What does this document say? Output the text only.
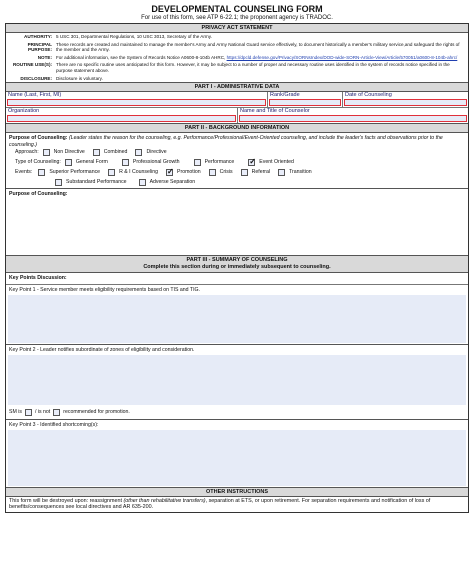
DEVELOPMENTAL COUNSELING FORM
For use of this form, see ATP 6-22.1; the proponent agency is TRADOC.
PRIVACY ACT STATEMENT
AUTHORITY: 5 USC 301, Departmental Regulations, 10 USC 3013, Secretary of the Army.
PRINCIPAL PURPOSE:
These records are created and maintained to manage the member's Army and Army National Guard service effectively, to document historically a member's military service,and safeguard the rights of the member and the Army.
NOTE: For additional information, see the System of Records Notice A0600-8-104b AHRC, https://dpcld.defense.gov/Privacy/SORNsIndex/DOD-wide-SORN-Article-View/Article/570051/a0600-8-104b-ahrc/
ROUTINE USE(S): There are no specific routine uses anticipated for this form. However, it may be subject to a number of proper and necessary routine uses identified in the system of records notice specified in the purpose statement above.
DISCLOSURE: Disclosure is voluntary.
PART I - ADMINISTRATIVE DATA
Name (Last, First, MI)	Rank/Grade	Date of Counseling
Organization	Name and Title of Counselor
PART II - BACKGROUND INFORMATION
Purpose of Counseling: (Leader states the reason for the counseling, e.g. Performance/Professional/Event-Oriented counseling, and include the leader's facts and observations prior to the counseling.)
Approach:	Non Directive	Combined	Directive
Type of Counseling:	General Form	Professional Growth	Performance ✓	Event Oriented
Events:	Superior Performance	R & I Counseling ✓	Promotion	Crisis	Referral	Transition
Substandard Performance	Adverse Separation
Purpose of Counseling:
PART III - SUMMARY OF COUNSELING
Complete this section during or immediately subsequent to counseling.
Key Points Discussion:
Key Point 1 - Service member meets eligibility requirements based on TIS and TIG.
Key Point 2 - Leader notifies subordinate of zones of eligibility and consideration.
SM is	/ is not	recommended for promotion.
Key Point 3 - Identified shortcoming(s):
OTHER INSTRUCTIONS
This form will be destroyed upon: reassignment (other than rehabilitative transfers), separation at ETS, or upon retirement. For separation requirements and notification of loss of benefits/consequences see local directives and AR 635-200.
